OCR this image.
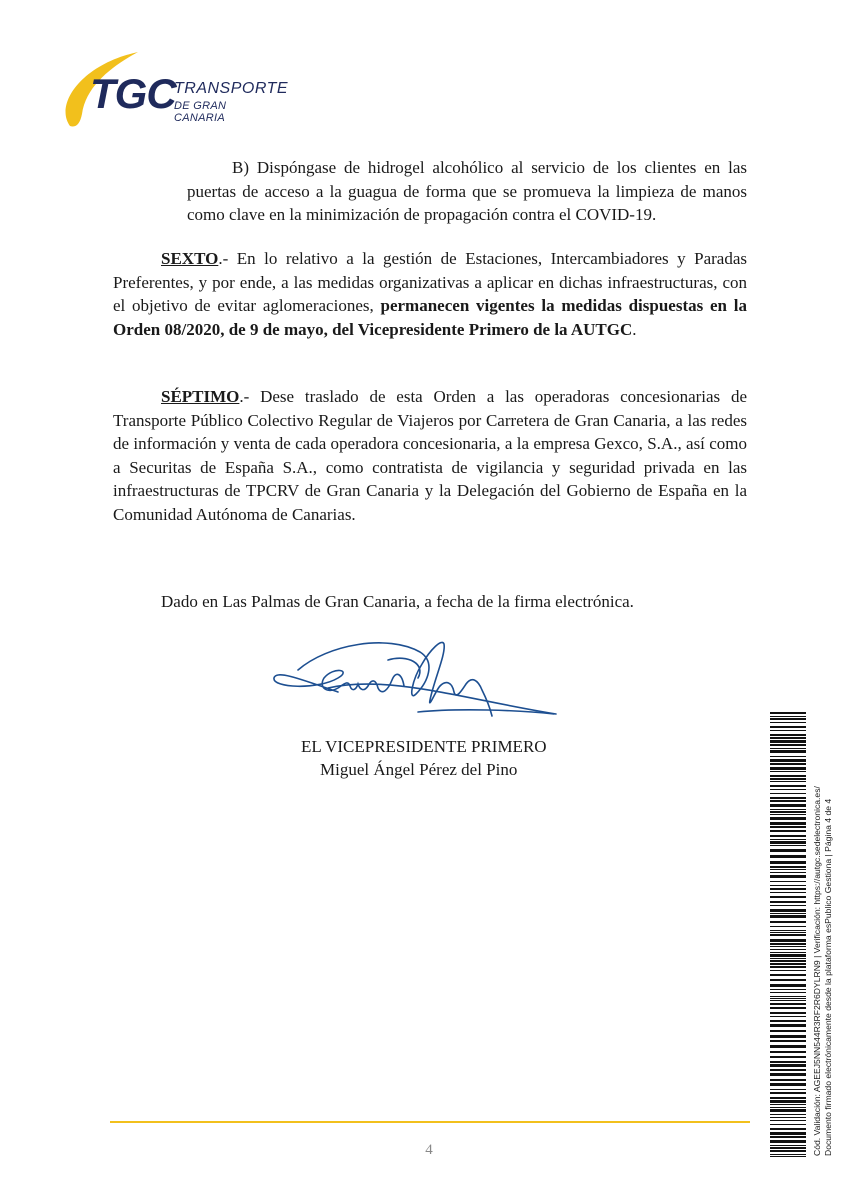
TGC
TRANSPORTE
DE GRAN CANARIA
B) Dispóngase de hidrogel alcohólico al servicio de los clientes en las puertas de acceso a la guagua de forma que se promueva la limpieza de manos como clave en la minimización de propagación contra el COVID-19.
SEXTO.- En lo relativo a la gestión de Estaciones, Intercambiadores y Paradas Preferentes, y por ende, a las medidas organizativas a aplicar en dichas infraestructuras, con el objetivo de evitar aglomeraciones, permanecen vigentes la medidas dispuestas en la Orden 08/2020, de 9 de mayo, del Vicepresidente Primero de la AUTGC.
SÉPTIMO.- Dese traslado de esta Orden a las operadoras concesionarias de Transporte Público Colectivo Regular de Viajeros por Carretera de Gran Canaria, a las redes de información y venta de cada operadora concesionaria, a la empresa Gexco, S.A., así como a Securitas de España S.A., como contratista de vigilancia y seguridad privada en las infraestructuras de TPCRV de Gran Canaria y la Delegación del Gobierno de España en la Comunidad Autónoma de Canarias.
Dado en Las Palmas de Gran Canaria, a fecha de la firma electrónica.
EL VICEPRESIDENTE PRIMERO
Miguel Ángel Pérez del Pino
Cód. Validación: AGEEJ5NN544R3RF2R6DYLRN9 | Verificación: https://autgc.sedelectronica.es/ Documento firmado electrónicamente desde la plataforma esPublico Gestiona | Página 4 de 4
4
